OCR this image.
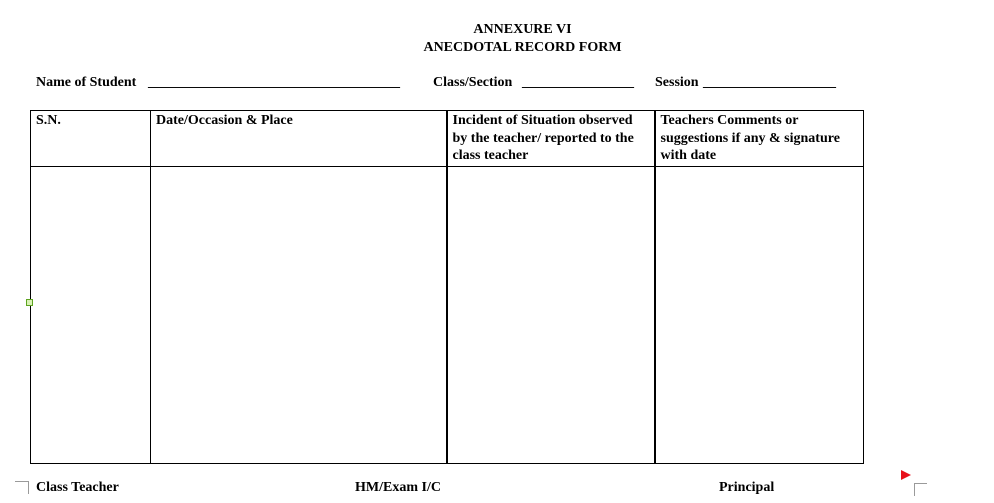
ANNEXURE VI
ANECDOTAL RECORD FORM
Name of Student ____________________________________ Class/Section ________________ Session ___________________
S.N.	Date/Occasion & Place	Incident of Situation observed by the teacher/ reported to the class teacher	Teachers Comments or suggestions if any & signature with date

Class Teacher	HM/Exam I/C	Principal
